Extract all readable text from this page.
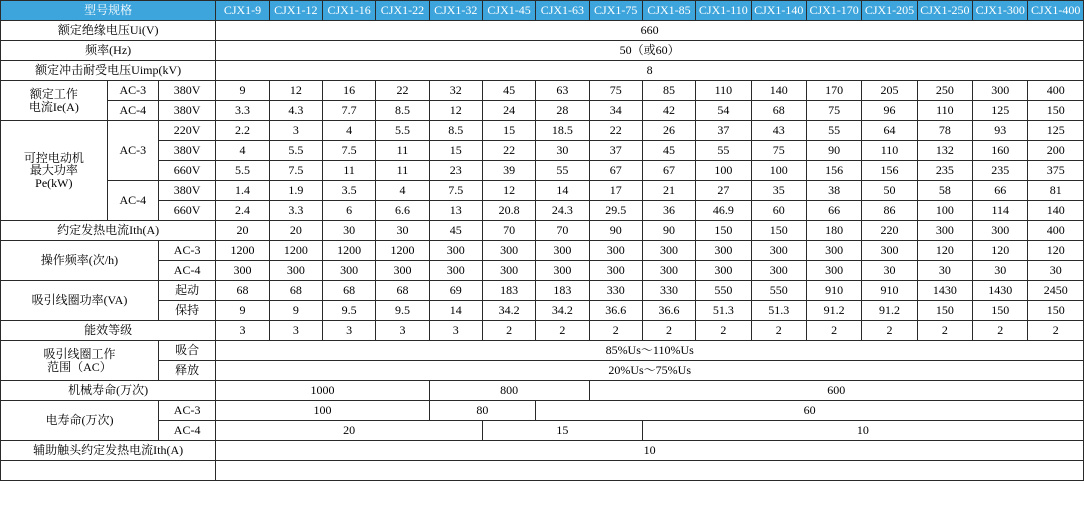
型号规格			CJX1-9	CJX1-12	CJX1-16	CJX1-22	CJX1-32	CJX1-45	CJX1-63	CJX1-75	CJX1-85	CJX1-110	CJX1-140	CJX1-170	CJX1-205	CJX1-250	CJX1-300	CJX1-400
额定绝缘电压Ui(V)			660															
频率(Hz)			50（或60）															
额定冲击耐受电压Uimp(kV)			8															

额定工作
电流Ie(A)	AC-3	380V	9	12	16	22	32	45	63	75	85	110	140	170	205	250	300	400
	AC-4	380V	3.3	4.3	7.7	8.5	12	24	28	34	42	54	68	75	96	110	125	150

可控电动机
最大功率
Pe(kW)	AC-3	220V	2.2	3	4	5.5	8.5	15	18.5	22	26	37	43	55	64	78	93	125
		380V	4	5.5	7.5	11	15	22	30	37	45	55	75	90	110	132	160	200
		660V	5.5	7.5	11	11	23	39	55	67	67	100	100	156	156	235	235	375
	AC-4	380V	1.4	1.9	3.5	4	7.5	12	14	17	21	27	35	38	50	58	66	81
		660V	2.4	3.3	6	6.6	13	20.8	24.3	29.5	36	46.9	60	66	86	100	114	140
约定发热电流Ith(A)			20	20	30	30	45	70	70	90	90	150	150	180	220	300	300	400
操作频率(次/h)		AC-3	1200	1200	1200	1200	300	300	300	300	300	300	300	300	300	120	120	120
		AC-4	300	300	300	300	300	300	300	300	300	300	300	300	30	30	30	30
吸引线圈功率(VA)		起动	68	68	68	68	69	183	183	330	330	550	550	910	910	1430	1430	2450
		保持	9	9	9.5	9.5	14	34.2	34.2	36.6	36.6	51.3	51.3	91.2	91.2	150	150	150
能效等级			3	3	3	3	3	2	2	2	2	2	2	2	2	2	2	2

吸引线圈工作
范围（AC）		吸合	85%Us～110%Us															
		释放	20%Us～75%Us															
机械寿命(万次)			1000				800			600								
电寿命(万次)		AC-3	100				80		60									
		AC-4	20					15			10							
辅助触头约定发热电流Ith(A)			10															
